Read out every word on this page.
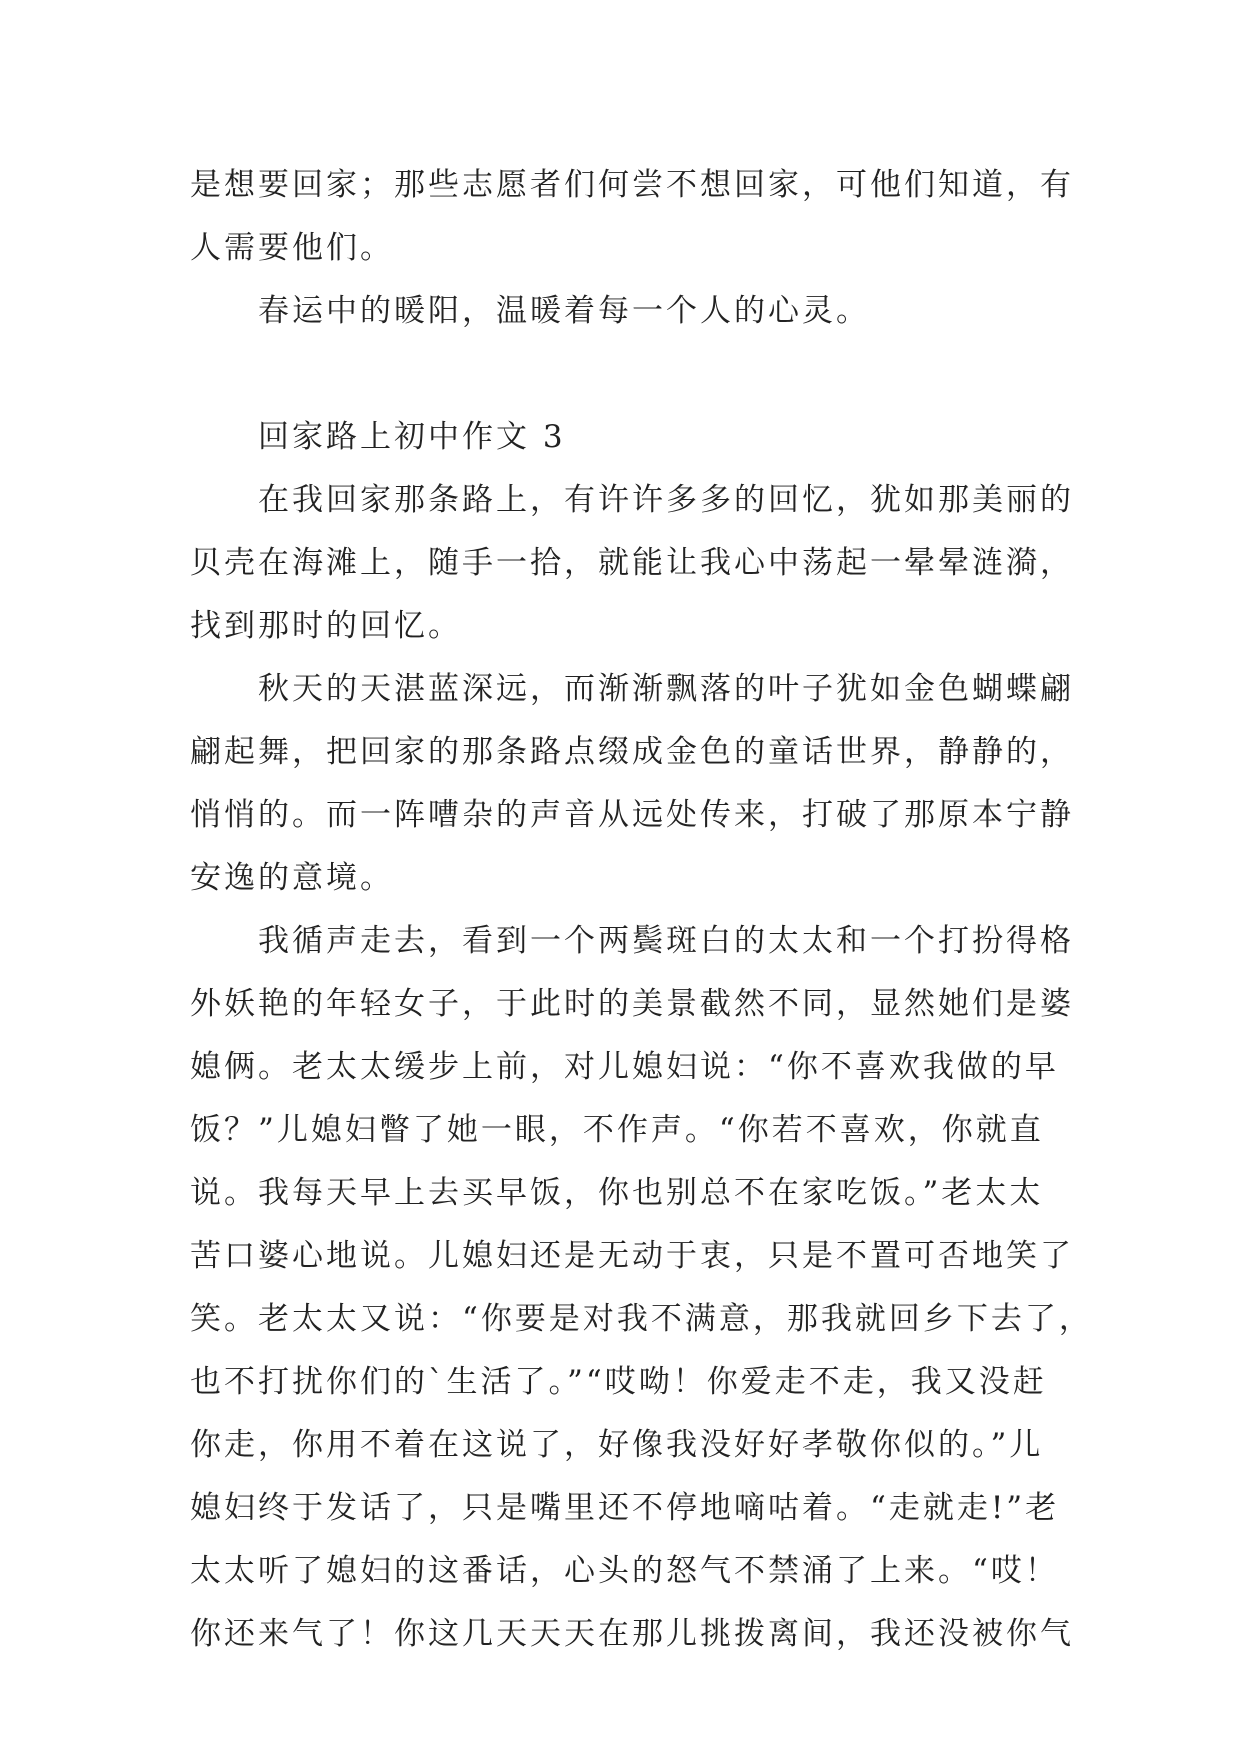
是想要回家；那些志愿者们何尝不想回家，可他们知道，有
人需要他们。
春运中的暖阳，温暖着每一个人的心灵。
回家路上初中作文 3
在我回家那条路上，有许许多多的回忆，犹如那美丽的
贝壳在海滩上，随手一拾，就能让我心中荡起一晕晕涟漪，
找到那时的回忆。
秋天的天湛蓝深远，而渐渐飘落的叶子犹如金色蝴蝶翩
翩起舞，把回家的那条路点缀成金色的童话世界，静静的，
悄悄的。而一阵嘈杂的声音从远处传来，打破了那原本宁静
安逸的意境。
我循声走去，看到一个两鬓斑白的太太和一个打扮得格
外妖艳的年轻女子，于此时的美景截然不同，显然她们是婆
媳俩。老太太缓步上前，对儿媳妇说：“你不喜欢我做的早
饭？”儿媳妇瞥了她一眼，不作声。“你若不喜欢，你就直
说。我每天早上去买早饭，你也别总不在家吃饭。”老太太
苦口婆心地说。儿媳妇还是无动于衷，只是不置可否地笑了
笑。老太太又说：“你要是对我不满意，那我就回乡下去了，
也不打扰你们的`生活了。”“哎呦！你爱走不走，我又没赶
你走，你用不着在这说了，好像我没好好孝敬你似的。”儿
媳妇终于发话了，只是嘴里还不停地嘀咕着。“走就走!”老
太太听了媳妇的这番话，心头的怒气不禁涌了上来。“哎！
你还来气了！你这几天天天在那儿挑拨离间，我还没被你气
